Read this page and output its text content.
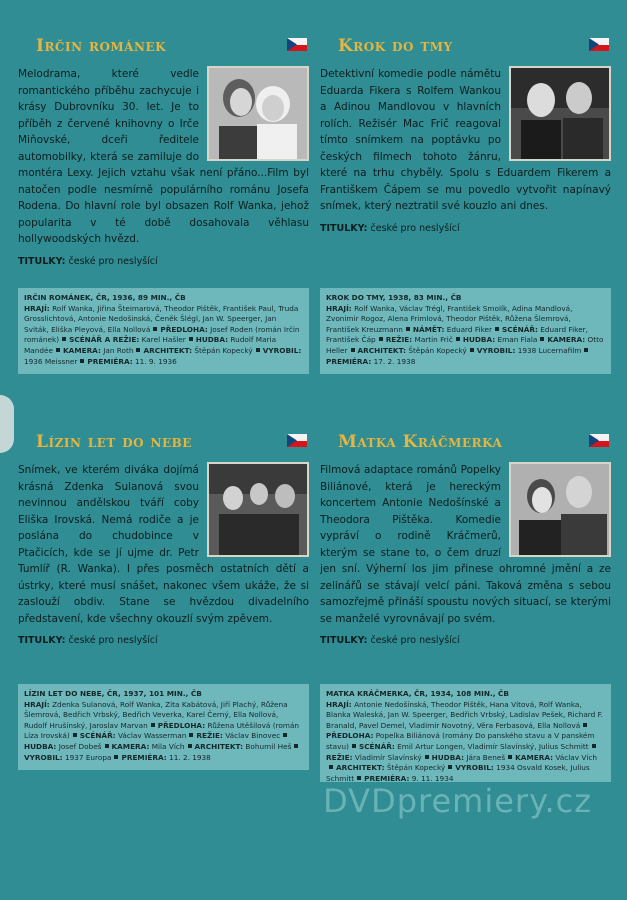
Irčin románek
Melodrama, které vedle romantického příběhu zachycuje i krásy Dubrovníku 30. let. Je to příběh z červené knihovny o Irče Miňovské, dceři ředitele automobilky, která se zamiluje do montéra Lexy. Jejich vztahu však není přáno...Film byl natočen podle nesmírně populárního románu Josefa Rodena. Do hlavní role byl obsazen Rolf Wanka, jehož popularita v té době dosahovala věhlasu hollywoodských hvězd.
TITULKY: české pro neslyšící
IRČIN ROMÁNEK, ČR, 1936, 89 MIN., ČB
HRAJÍ: Rolf Wanka, Jiřina Šteimarová, Theodor Pištěk, František Paul, Truda Grosslichtová, Antonie Nedošinská, Čeněk Šlégl, Jan W. Speerger, Jan Sviták, Eliška Pleyová, Ella Nollová PŘEDLOHA: Josef Roden (román Irčin románek) SCÉNÁŘ A REŽIE: Karel Hašler HUDBA: Rudolf Maria Mandée KAMERA: Jan Roth ARCHITEKT: Štěpán Kopecký VYROBIL: 1936 Meissner PREMIÉRA: 11. 9. 1936
Krok do tmy
Detektivní komedie podle námětu Eduarda Fikera s Rolfem Wankou a Adinou Mandlovou v hlavních rolích. Režisér Mac Frič reagoval tímto snímkem na poptávku po českých filmech tohoto žánru, které na trhu chyběly. Spolu s Eduardem Fikerem a Františkem Čápem se mu povedlo vytvořit napínavý snímek, který neztratil své kouzlo ani dnes.
TITULKY: české pro neslyšící
KROK DO TMY, 1938, 83 MIN., ČB
HRAJÍ: Rolf Wanka, Václav Trégl, František Smolík, Adina Mandlová, Zvonimir Rogoz, Alena Frimlová, Theodor Pištěk, Růžena Šlemrová, František Kreuzmann NÁMĚT: Eduard Fiker SCÉNÁŘ: Eduard Fiker, František Čáp REŽIE: Martin Frič HUDBA: Eman Fiala KAMERA: Otto Heller ARCHITEKT: Štěpán Kopecký VYROBIL: 1938 LucernafilmPREMIÉRA: 17. 2. 1938
Lízin let do nebe
Snímek, ve kterém diváka dojímá krásná Zdenka Sulanová svou nevinnou andělskou tváří coby Eliška Irovská. Nemá rodiče a je poslána do chudobince v Ptačicích, kde se jí ujme dr. Petr Tumlíř (R. Wanka). I přes posměch ostatních dětí a ústrky, které musí snášet, nakonec všem ukáže, že si zaslouží obdiv. Stane se hvězdou divadelního představení, kde všechny okouzlí svým zpěvem.
TITULKY: české pro neslyšící
LÍZIN LET DO NEBE, ČR, 1937, 101 MIN., ČB
HRAJÍ: Zdenka Sulanová, Rolf Wanka, Zita Kabátová, Jiří Plachý, Růžena Šlemrová, Bedřich Vrbský, Bedřich Veverka, Karel Černý, Ella Nollová, Rudolf Hrušínský, Jaroslav Marvan PŘEDLOHA: Růžena Utěšilová (román Líza Irovská) SCÉNÁŘ: Václav Wasserman REŽIE: Václav BinovecHUDBA: Josef Dobeš KAMERA: Mila Vích ARCHITEKT: Bohumil HešVYROBIL: 1937 Europa PREMIÉRA: 11. 2. 1938
Matka Kráčmerka
Filmová adaptace románů Popelky Biliánové, která je hereckým koncertem Antonie Nedošínské a Theodora Pištěka. Komedie vypráví o rodině Kráčmerů, kterým se stane to, o čem druzí jen sní. Výherní los jim přinese ohromné jmění a ze zelinářů se stávají velcí páni. Taková změna s sebou samozřejmě přináší spoustu nových situací, se kterými se manželé vyrovnávají po svém.
TITULKY: české pro neslyšící
MATKA KRÁČMERKA, ČR, 1934, 108 MIN., ČB
HRAJÍ: Antonie Nedošínská, Theodor Pištěk, Hana Vítová, Rolf Wanka, Blanka Waleská, Jan W. Speerger, Bedřich Vrbský, Ladislav Pešek, Richard F. Branald, Pavel Demel, Vladimír Novotný, Věra Ferbasová, Ella NollováPŘEDLOHA: Popelka Biliánová (romány Do panského stavu a V panském stavu) SCÉNÁŘ: Emil Artur Longen, Vladimír Slavínský, Julius SchmittREŽIE: Vladimír Slavínský HUDBA: Jára Beneš KAMERA: Václav VíchARCHITEKT: Štěpán Kopecký VYROBIL: 1934 Osvald Kosek, Julius Schmitt PREMIÉRA: 9. 11. 1934
DVDpremiery.cz
